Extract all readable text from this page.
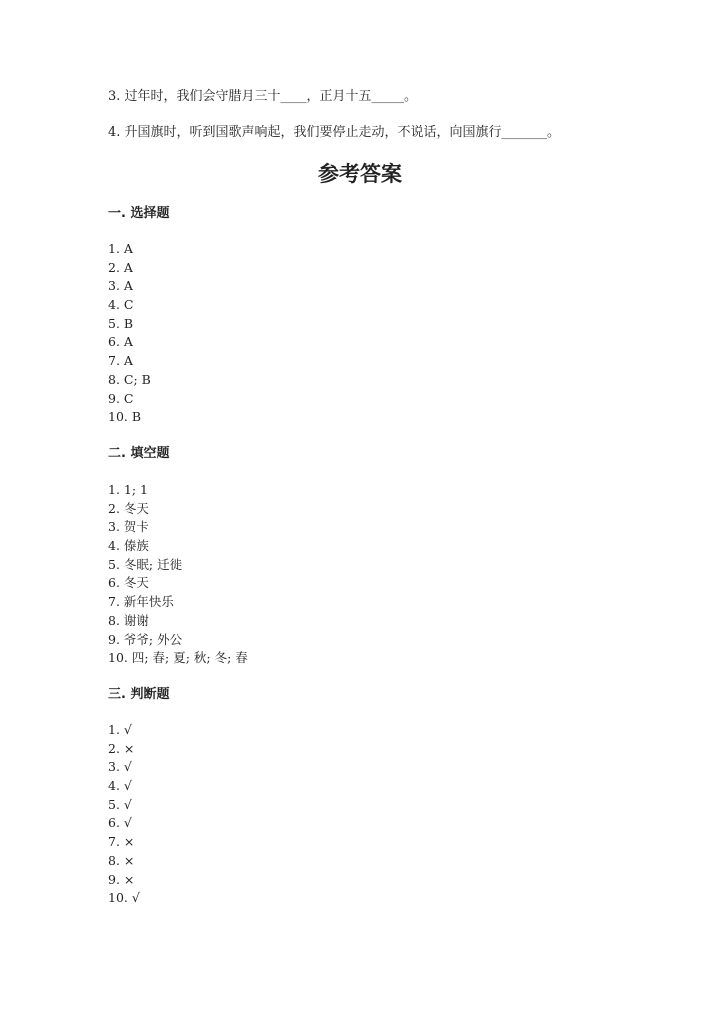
3. 过年时，我们会守腊月三十____，正月十五_____。
4. 升国旗时，听到国歌声响起，我们要停止走动，不说话，向国旗行_______。
参考答案
一. 选择题
1. A
2. A
3. A
4. C
5. B
6. A
7. A
8. C; B
9. C
10. B
二. 填空题
1. 1; 1
2. 冬天
3. 贺卡
4. 傣族
5. 冬眠; 迁徙
6. 冬天
7. 新年快乐
8. 谢谢
9. 爷爷; 外公
10. 四; 春; 夏; 秋; 冬; 春
三. 判断题
1. √
2. ×
3. √
4. √
5. √
6. √
7. ×
8. ×
9. ×
10. √
